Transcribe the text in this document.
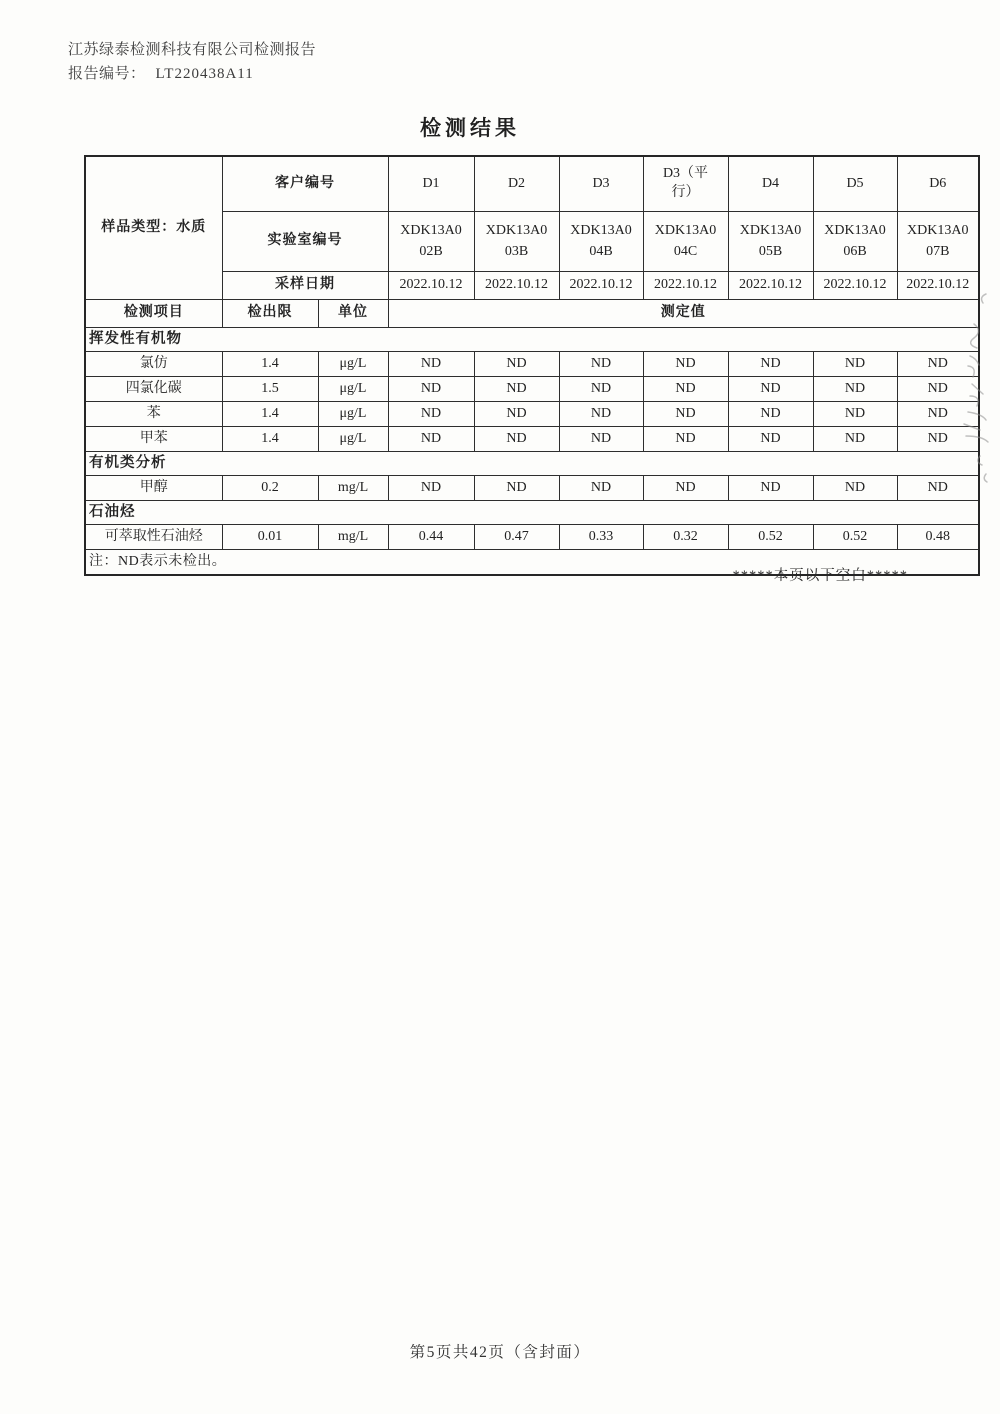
江苏绿泰检测科技有限公司检测报告
报告编号： LT220438A11
检测结果
样品类型：水质	客户编号		D1	D2	D3	D3（平行）	D4	D5	D6
	实验室编号		XDK13A002B	XDK13A003B	XDK13A004B	XDK13A004C	XDK13A005B	XDK13A006B	XDK13A007B
	采样日期		2022.10.12	2022.10.12	2022.10.12	2022.10.12	2022.10.12	2022.10.12	2022.10.12
检测项目	检出限	单位	测定值						
挥发性有机物									
氯仿	1.4	μg/L	ND	ND	ND	ND	ND	ND	ND
四氯化碳	1.5	μg/L	ND	ND	ND	ND	ND	ND	ND
苯	1.4	μg/L	ND	ND	ND	ND	ND	ND	ND
甲苯	1.4	μg/L	ND	ND	ND	ND	ND	ND	ND
有机类分析									
甲醇	0.2	mg/L	ND	ND	ND	ND	ND	ND	ND
石油烃									
可萃取性石油烃	0.01	mg/L	0.44	0.47	0.33	0.32	0.52	0.52	0.48
注：ND表示未检出。									
*****本页以下空白*****
第5页共42页（含封面）
